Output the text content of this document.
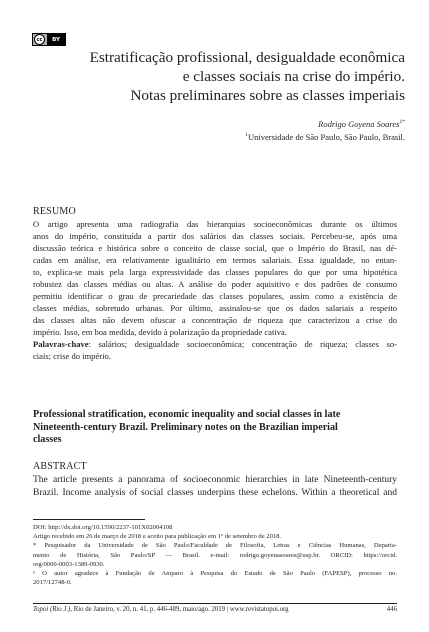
cc	BY
Estratificação profissional, desigualdade econômica
e classes sociais na crise do império.
Notas preliminares sobre as classes imperiais
Rodrigo Goyena Soares$^{1*}$
$^1$Universidade de São Paulo, São Paulo, Brasil.
RESUMO
O artigo apresenta uma radiografia das hierarquias socioeconômicas durante os últimos
anos do império, constituída a partir dos salários das classes sociais. Percebeu-se, após uma
discussão teórica e histórica sobre o conceito de classe social, que o Império do Brasil, nas dé-
cadas em análise, era relativamente igualitário em termos salariais. Essa igualdade, no entan-
to, explica-se mais pela larga expressividade das classes populares do que por uma hipotética
robustez das classes médias ou altas. A análise do poder aquisitivo e dos padrões de consumo
permitiu identificar o grau de precariedade das classes populares, assim como a existência de
classes médias, sobretudo urbanas. Por último, assinalou-se que os dados salariais a respeito
das classes altas não devem ofuscar a concentração de riqueza que caracterizou a crise do
império. Isso, em boa medida, devido à polarização da propriedade cativa.
Palavras-chave: salários; desigualdade socioeconômica; concentração de riqueza; classes so-
ciais; crise do império.
Professional stratification, economic inequality and social classes in late
Nineteenth-century Brazil. Preliminary notes on the Brazilian imperial
classes
ABSTRACT
The article presents a panorama of socioeconomic hierarchies in late Nineteenth-century
Brazil. Income analysis of social classes underpins these echelons. Within a theoretical and
DOI: http://dx.doi.org/10.1590/2237-101X02004108
Artigo recebido em 26 de março de 2018 e aceito para publicação em 1º de setembro de 2018.
* Pesquisador da Universidade de São Paulo/Faculdade de Filosofia, Letras e Ciências Humanas, Departa-
mento de História, São Paulo/SP — Brasil. e-mail: rodrigo.goyenasoares@usp.br. ORCID: https://orcid.
org/0000-0003-1389-0930.
¹ O autor agradece à Fundação de Amparo à Pesquisa do Estado de São Paulo (FAPESP), processo no.
2017/12748-0.
Topoi (Rio J.), Rio de Janeiro, v. 20, n. 41, p. 446-489, maio/ago. 2019 | www.revistatopoi.org	446
